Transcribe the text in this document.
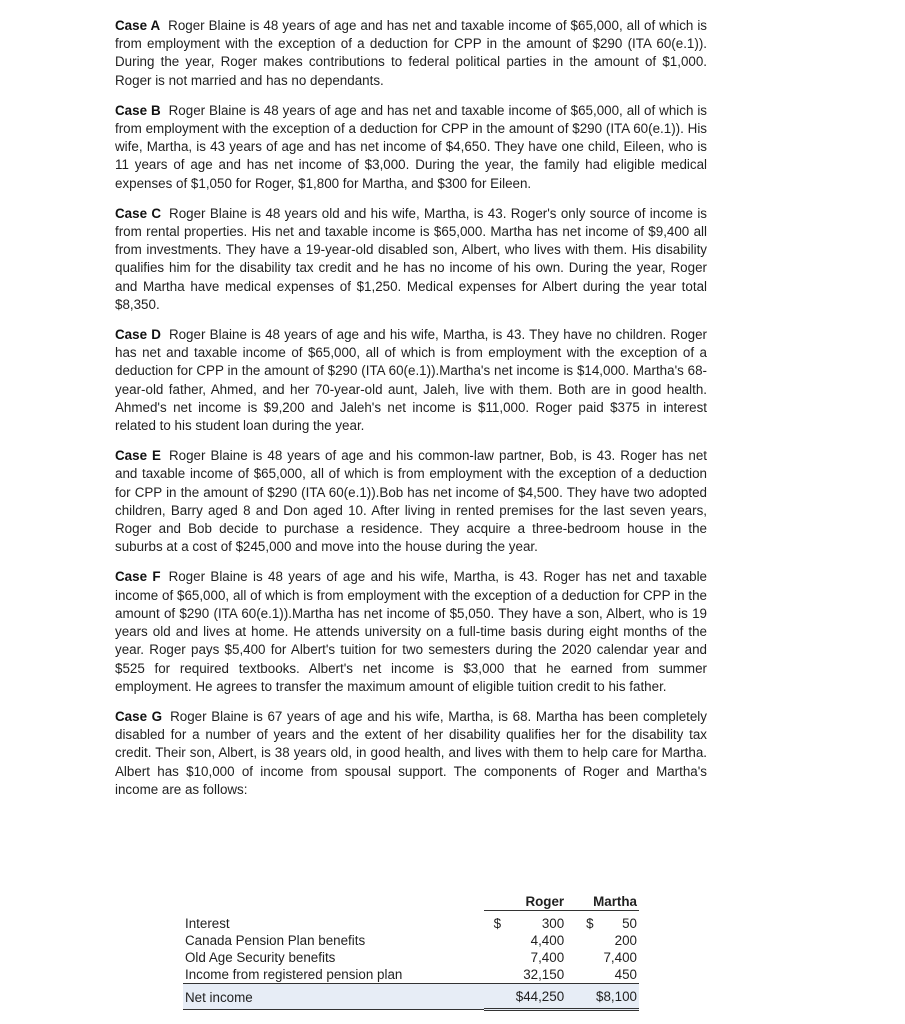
Case A Roger Blaine is 48 years of age and has net and taxable income of $65,000, all of which is from employment with the exception of a deduction for CPP in the amount of $290 (ITA 60(e.1)). During the year, Roger makes contributions to federal political parties in the amount of $1,000. Roger is not married and has no dependants.

Case B Roger Blaine is 48 years of age and has net and taxable income of $65,000, all of which is from employment with the exception of a deduction for CPP in the amount of $290 (ITA 60(e.1)). His wife, Martha, is 43 years of age and has net income of $4,650. They have one child, Eileen, who is 11 years of age and has net income of $3,000. During the year, the family had eligible medical expenses of $1,050 for Roger, $1,800 for Martha, and $300 for Eileen.

Case C Roger Blaine is 48 years old and his wife, Martha, is 43. Roger's only source of income is from rental properties. His net and taxable income is $65,000. Martha has net income of $9,400 all from investments. They have a 19-year-old disabled son, Albert, who lives with them. His disability qualifies him for the disability tax credit and he has no income of his own. During the year, Roger and Martha have medical expenses of $1,250. Medical expenses for Albert during the year total $8,350.

Case D Roger Blaine is 48 years of age and his wife, Martha, is 43. They have no children. Roger has net and taxable income of $65,000, all of which is from employment with the exception of a deduction for CPP in the amount of $290 (ITA 60(e.1)).Martha's net income is $14,000. Martha's 68-year-old father, Ahmed, and her 70-year-old aunt, Jaleh, live with them. Both are in good health. Ahmed's net income is $9,200 and Jaleh's net income is $11,000. Roger paid $375 in interest related to his student loan during the year.

Case E Roger Blaine is 48 years of age and his common-law partner, Bob, is 43. Roger has net and taxable income of $65,000, all of which is from employment with the exception of a deduction for CPP in the amount of $290 (ITA 60(e.1)).Bob has net income of $4,500. They have two adopted children, Barry aged 8 and Don aged 10. After living in rented premises for the last seven years, Roger and Bob decide to purchase a residence. They acquire a three-bedroom house in the suburbs at a cost of $245,000 and move into the house during the year.

Case F Roger Blaine is 48 years of age and his wife, Martha, is 43. Roger has net and taxable income of $65,000, all of which is from employment with the exception of a deduction for CPP in the amount of $290 (ITA 60(e.1)).Martha has net income of $5,050. They have a son, Albert, who is 19 years old and lives at home. He attends university on a full-time basis during eight months of the year. Roger pays $5,400 for Albert's tuition for two semesters during the 2020 calendar year and $525 for required textbooks. Albert's net income is $3,000 that he earned from summer employment. He agrees to transfer the maximum amount of eligible tuition credit to his father.

Case G Roger Blaine is 67 years of age and his wife, Martha, is 68. Martha has been completely disabled for a number of years and the extent of her disability qualifies her for the disability tax credit. Their son, Albert, is 38 years old, in good health, and lives with them to help care for Martha. Albert has $10,000 of income from spousal support. The components of Roger and Martha's income are as follows:

	Roger	Martha
Interest	$ 300	$ 50
Canada Pension Plan benefits	4,400	200
Old Age Security benefits	7,400	7,400
Income from registered pension plan	32,150	450
Net income	$44,250	$8,100
